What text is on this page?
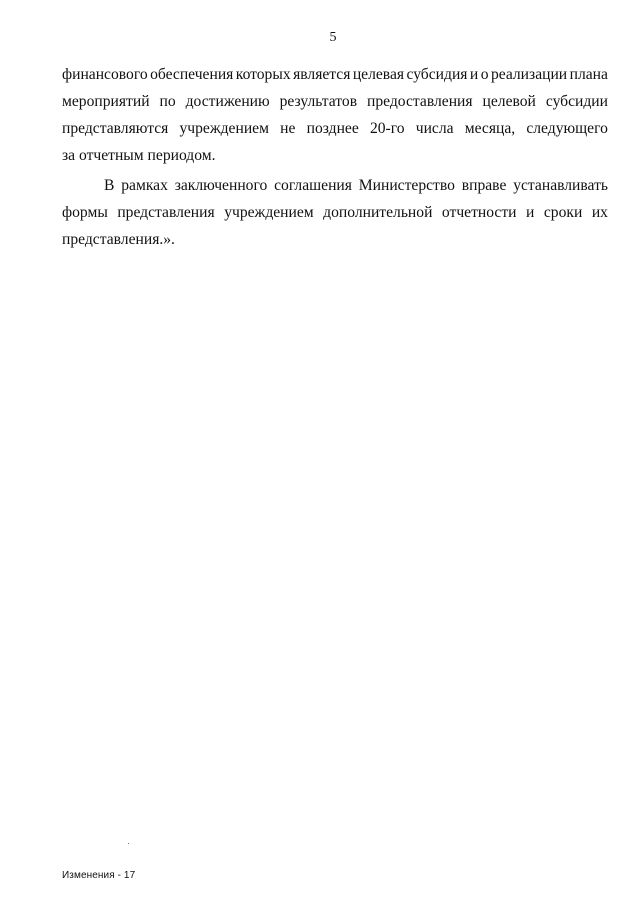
5
финансового обеспечения которых является целевая субсидия и о реализации плана
мероприятий по достижению результатов предоставления целевой субсидии
представляются учреждением не позднее 20-го числа месяца, следующего
за отчетным периодом.
В рамках заключенного соглашения Министерство вправе устанавливать
формы представления учреждением дополнительной отчетности и сроки их
представления.».
Изменения - 17
